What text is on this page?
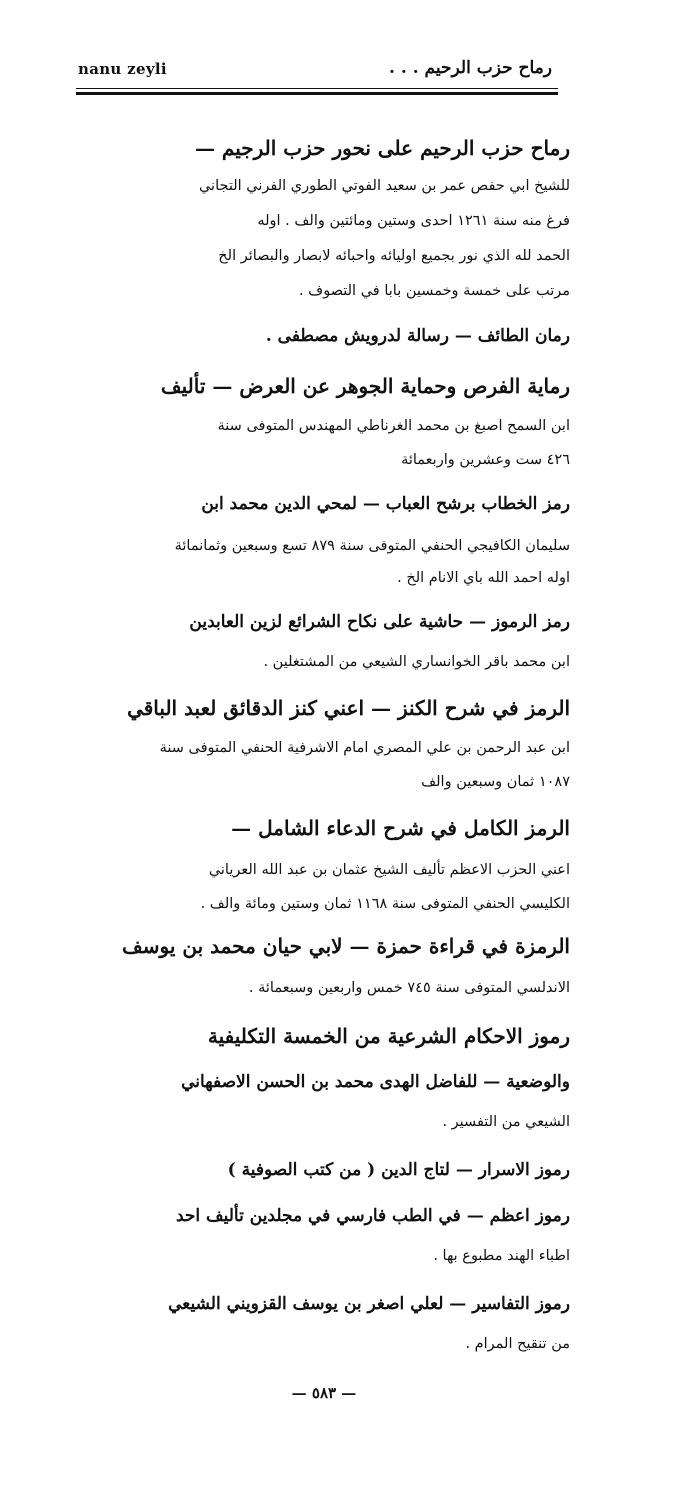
nanu zeyli	رماح حزب الرحيم . . .
رماح حزب الرحيم على نحور حزب الرجيم —
للشيخ ابي حفص عمر بن سعيد الفوتي الطوري الفرني التجاني
فرغ منه سنة ١٢٦١ احدى وستين ومائتين والف . اوله
الحمد لله الذي نور بجميع اوليائه واحبائه لابصار والبصائر الخ
مرتب على خمسة وخمسين بابا في التصوف .
رمان الطائف — رسالة لدرويش مصطفى .
رماية الفرص وحماية الجوهر عن العرض — تأليف
ابن السمح اصبغ بن محمد الغرناطي المهندس المتوفى سنة
٤٢٦ ست وعشرين واربعمائة
رمز الخطاب برشح العباب — لمحي الدين محمد ابن
سليمان الكافيجي الحنفي المتوفى سنة ٨٧٩ تسع وسبعين وثمانمائة
اوله احمد الله باي الانام الخ .
رمز الرموز — حاشية على نكاح الشرائع لزين العابدين
ابن محمد باقر الخوانساري الشيعي من المشتغلين .
الرمز في شرح الكنز — اعني كنز الدقائق لعبد الباقي
ابن عبد الرحمن بن علي المصري امام الاشرفية الحنفي المتوفى سنة
١٠٨٧ ثمان وسبعين والف
الرمز الكامل في شرح الدعاء الشامل —
اعني الحزب الاعظم تأليف الشيخ عثمان بن عبد الله العرياني
الكليسي الحنفي المتوفى سنة ١١٦٨ ثمان وستين ومائة والف .
الرمزة في قراءة حمزة — لابي حيان محمد بن يوسف
الاندلسي المتوفى سنة ٧٤٥ خمس واربعين وسبعمائة .
رموز الاحكام الشرعية من الخمسة التكليفية
والوضعية — للفاضل الهدى محمد بن الحسن الاصفهاني
الشيعي من التفسير .
رموز الاسرار — لتاج الدين ( من كتب الصوفية )
رموز اعظم — في الطب فارسي في مجلدين تأليف احد
اطباء الهند مطبوع بها .
رموز التفاسير — لعلي اصغر بن يوسف القزويني الشيعي
من تنقيح المرام .
— ٥٨٣ —
